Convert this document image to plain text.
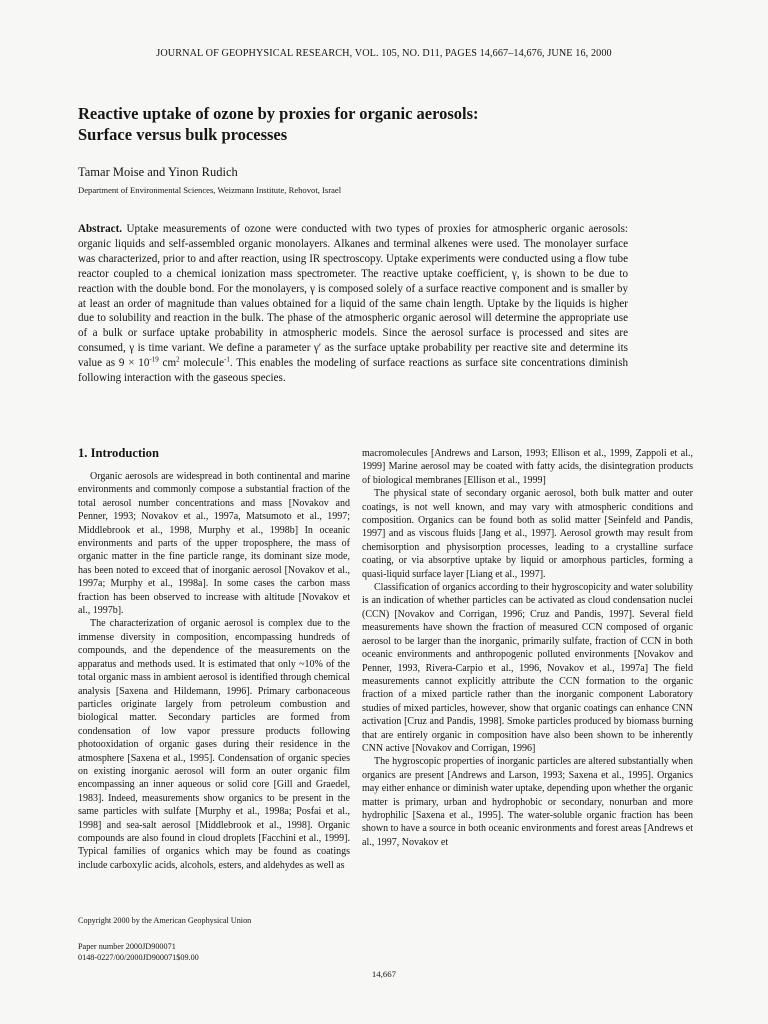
JOURNAL OF GEOPHYSICAL RESEARCH, VOL. 105, NO. D11, PAGES 14,667–14,676, JUNE 16, 2000
Reactive uptake of ozone by proxies for organic aerosols:
Surface versus bulk processes
Tamar Moise and Yinon Rudich
Department of Environmental Sciences, Weizmann Institute, Rehovot, Israel
Abstract. Uptake measurements of ozone were conducted with two types of proxies for atmospheric organic aerosols: organic liquids and self-assembled organic monolayers. Alkanes and terminal alkenes were used. The monolayer surface was characterized, prior to and after reaction, using IR spectroscopy. Uptake experiments were conducted using a flow tube reactor coupled to a chemical ionization mass spectrometer. The reactive uptake coefficient, γ, is shown to be due to reaction with the double bond. For the monolayers, γ is composed solely of a surface reactive component and is smaller by at least an order of magnitude than values obtained for a liquid of the same chain length. Uptake by the liquids is higher due to solubility and reaction in the bulk. The phase of the atmospheric organic aerosol will determine the appropriate use of a bulk or surface uptake probability in atmospheric models. Since the aerosol surface is processed and sites are consumed, γ is time variant. We define a parameter γ′ as the surface uptake probability per reactive site and determine its value as $9 \times 10^{-19}$ $cm^2$ molecule$^{-1}$. This enables the modeling of surface reactions as surface site concentrations diminish following interaction with the gaseous species.
1. Introduction

Organic aerosols are widespread in both continental and marine environments and commonly compose a substantial fraction of the total aerosol number concentrations and mass [Novakov and Penner, 1993; Novakov et al., 1997a, Matsumoto et al., 1997; Middlebrook et al., 1998, Murphy et al., 1998b] In oceanic environments and parts of the upper troposphere, the mass of organic matter in the fine particle range, its dominant size mode, has been noted to exceed that of inorganic aerosol [Novakov et al., 1997a; Murphy et al., 1998a]. In some cases the carbon mass fraction has been observed to increase with altitude [Novakov et al., 1997b].

The characterization of organic aerosol is complex due to the immense diversity in composition, encompassing hundreds of compounds, and the dependence of the measurements on the apparatus and methods used. It is estimated that only ~10% of the total organic mass in ambient aerosol is identified through chemical analysis [Saxena and Hildemann, 1996]. Primary carbonaceous particles originate largely from petroleum combustion and biological matter. Secondary particles are formed from condensation of low vapor pressure products following photooxidation of organic gases during their residence in the atmosphere [Saxena et al., 1995]. Condensation of organic species on existing inorganic aerosol will form an outer organic film encompassing an inner aqueous or solid core [Gill and Graedel, 1983]. Indeed, measurements show organics to be present in the same particles with sulfate [Murphy et al., 1998a; Posfai et al., 1998] and sea-salt aerosol [Middlebrook et al., 1998]. Organic compounds are also found in cloud droplets [Facchini et al., 1999]. Typical families of organics which may be found as coatings include carboxylic acids, alcohols, esters, and aldehydes as well as

macromolecules [Andrews and Larson, 1993; Ellison et al., 1999, Zappoli et al., 1999] Marine aerosol may be coated with fatty acids, the disintegration products of biological membranes [Ellison et al., 1999]

The physical state of secondary organic aerosol, both bulk matter and outer coatings, is not well known, and may vary with atmospheric conditions and composition. Organics can be found both as solid matter [Seinfeld and Pandis, 1997] and as viscous fluids [Jang et al., 1997]. Aerosol growth may result from chemisorption and physisorption processes, leading to a crystalline surface coating, or via absorptive uptake by liquid or amorphous particles, forming a quasi-liquid surface layer [Liang et al., 1997].

Classification of organics according to their hygroscopicity and water solubility is an indication of whether particles can be activated as cloud condensation nuclei (CCN) [Novakov and Corrigan, 1996; Cruz and Pandis, 1997]. Several field measurements have shown the fraction of measured CCN composed of organic aerosol to be larger than the inorganic, primarily sulfate, fraction of CCN in both oceanic environments and anthropogenic polluted environments [Novakov and Penner, 1993, Rivera-Carpio et al., 1996, Novakov et al., 1997a] The field measurements cannot explicitly attribute the CCN formation to the organic fraction of a mixed particle rather than the inorganic component Laboratory studies of mixed particles, however, show that organic coatings can enhance CNN activation [Cruz and Pandis, 1998]. Smoke particles produced by biomass burning that are entirely organic in composition have also been shown to be inherently CNN active [Novakov and Corrigan, 1996]

The hygroscopic properties of inorganic particles are altered substantially when organics are present [Andrews and Larson, 1993; Saxena et al., 1995]. Organics may either enhance or diminish water uptake, depending upon whether the organic matter is primary, urban and hydrophobic or secondary, nonurban and more hydrophilic [Saxena et al., 1995]. The water-soluble organic fraction has been shown to have a source in both oceanic environments and forest areas [Andrews et al., 1997, Novakov et

Copyright 2000 by the American Geophysical Union
Paper number 2000JD900071
0148-0227/00/2000JD900071$09.00
14,667
